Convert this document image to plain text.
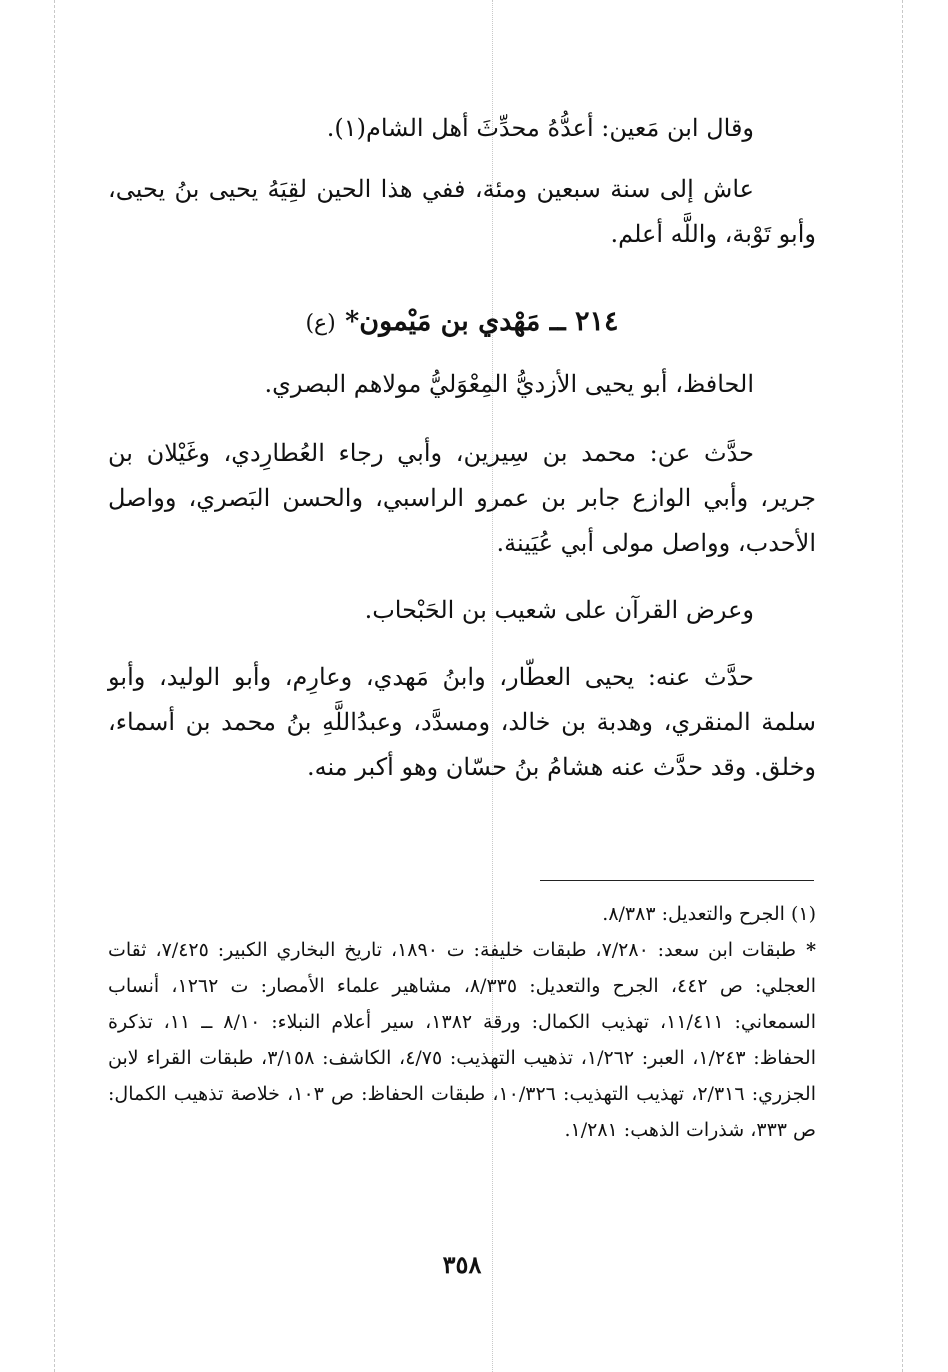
وقال ابن مَعين: أعدُّهُ محدِّثَ أهل الشام(١).

عاش إلى سنة سبعين ومئة، ففي هذا الحين لقِيَهُ يحيى بنُ يحيى، وأبو تَوْبة، واللَّه أعلم.

٢١٤ ــ مَهْدي بن مَيْمون* (ع)

الحافظ، أبو يحيى الأزديُّ المِعْوَليُّ مولاهم البصري.

حدَّث عن: محمد بن سِيرين، وأبي رجاء العُطارِدي، وغَيْلان بن جرير، وأبي الوازع جابر بن عمرو الراسبي، والحسن البَصري، وواصل الأحدب، وواصل مولى أبي عُيَينة.

وعرض القرآن على شعيب بن الحَبْحاب.

حدَّث عنه: يحيى العطّار، وابنُ مَهدي، وعارِم، وأبو الوليد، وأبو سلمة المنقري، وهدبة بن خالد، ومسدَّد، وعبدُاللَّهِ بنُ محمد بن أسماء، وخلق. وقد حدَّث عنه هشامُ بنُ حسّان وهو أكبر منه.

(١) الجرح والتعديل: ٨/٣٨٣.

*طبقات ابن سعد: ٧/٢٨٠، طبقات خليفة: ت ١٨٩٠، تاريخ البخاري الكبير: ٧/٤٢٥، ثقات العجلي: ص ٤٤٢، الجرح والتعديل: ٨/٣٣٥، مشاهير علماء الأمصار: ت ١٢٦٢، أنساب السمعاني: ١١/٤١١، تهذيب الكمال: ورقة ١٣٨٢، سير أعلام النبلاء: ٨/١٠ ــ ١١، تذكرة الحفاظ: ١/٢٤٣، العبر: ١/٢٦٢، تذهيب التهذيب: ٤/٧٥، الكاشف: ٣/١٥٨، طبقات القراء لابن الجزري: ٢/٣١٦، تهذيب التهذيب: ١٠/٣٢٦، طبقات الحفاظ: ص ١٠٣، خلاصة تذهيب الكمال: ص ٣٣٣، شذرات الذهب: ١/٢٨١.

٣٥٨
